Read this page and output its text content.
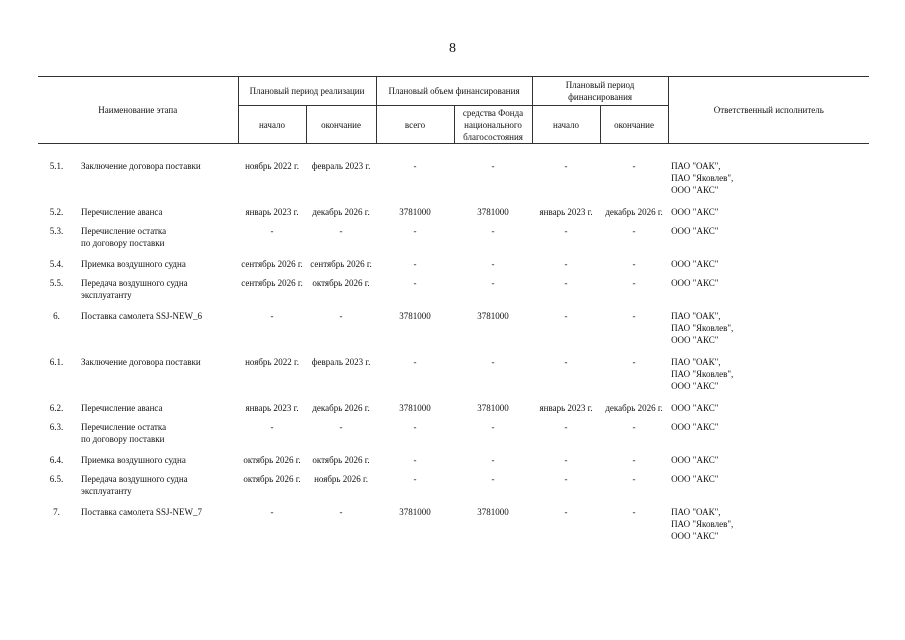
8
Наименование этапа		Плановый период реализации		Плановый объем финансирования		Плановый период финансирования		Ответственный исполнитель
		начало	окончание	всего	средства Фонда национального благосостояния	начало	окончание	
5.1.	Заключение договора поставки	ноябрь 2022 г.	февраль 2023 г.	-	-	-	-	ПАО "ОАК",
ПАО "Яковлев",
ООО "АКС"
5.2.	Перечисление аванса	январь 2023 г.	декабрь 2026 г.	3781000	3781000	январь 2023 г.	декабрь 2026 г.	ООО "АКС"
5.3.	Перечисление остатка
по договору поставки	-	-	-	-	-	-	ООО "АКС"
5.4.	Приемка воздушного судна	сентябрь 2026 г.	сентябрь 2026 г.	-	-	-	-	ООО "АКС"
5.5.	Передача воздушного судна
эксплуатанту	сентябрь 2026 г.	октябрь 2026 г.	-	-	-	-	ООО "АКС"
6.	Поставка самолета SSJ-NEW_6	-	-	3781000	3781000	-	-	ПАО "ОАК",
ПАО "Яковлев",
ООО "АКС"
6.1.	Заключение договора поставки	ноябрь 2022 г.	февраль 2023 г.	-	-	-	-	ПАО "ОАК",
ПАО "Яковлев",
ООО "АКС"
6.2.	Перечисление аванса	январь 2023 г.	декабрь 2026 г.	3781000	3781000	январь 2023 г.	декабрь 2026 г.	ООО "АКС"
6.3.	Перечисление остатка
по договору поставки	-	-	-	-	-	-	ООО "АКС"
6.4.	Приемка воздушного судна	октябрь 2026 г.	октябрь 2026 г.	-	-	-	-	ООО "АКС"
6.5.	Передача воздушного судна
эксплуатанту	октябрь 2026 г.	ноябрь 2026 г.	-	-	-	-	ООО "АКС"
7.	Поставка самолета SSJ-NEW_7	-	-	3781000	3781000	-	-	ПАО "ОАК",
ПАО "Яковлев",
ООО "АКС"
